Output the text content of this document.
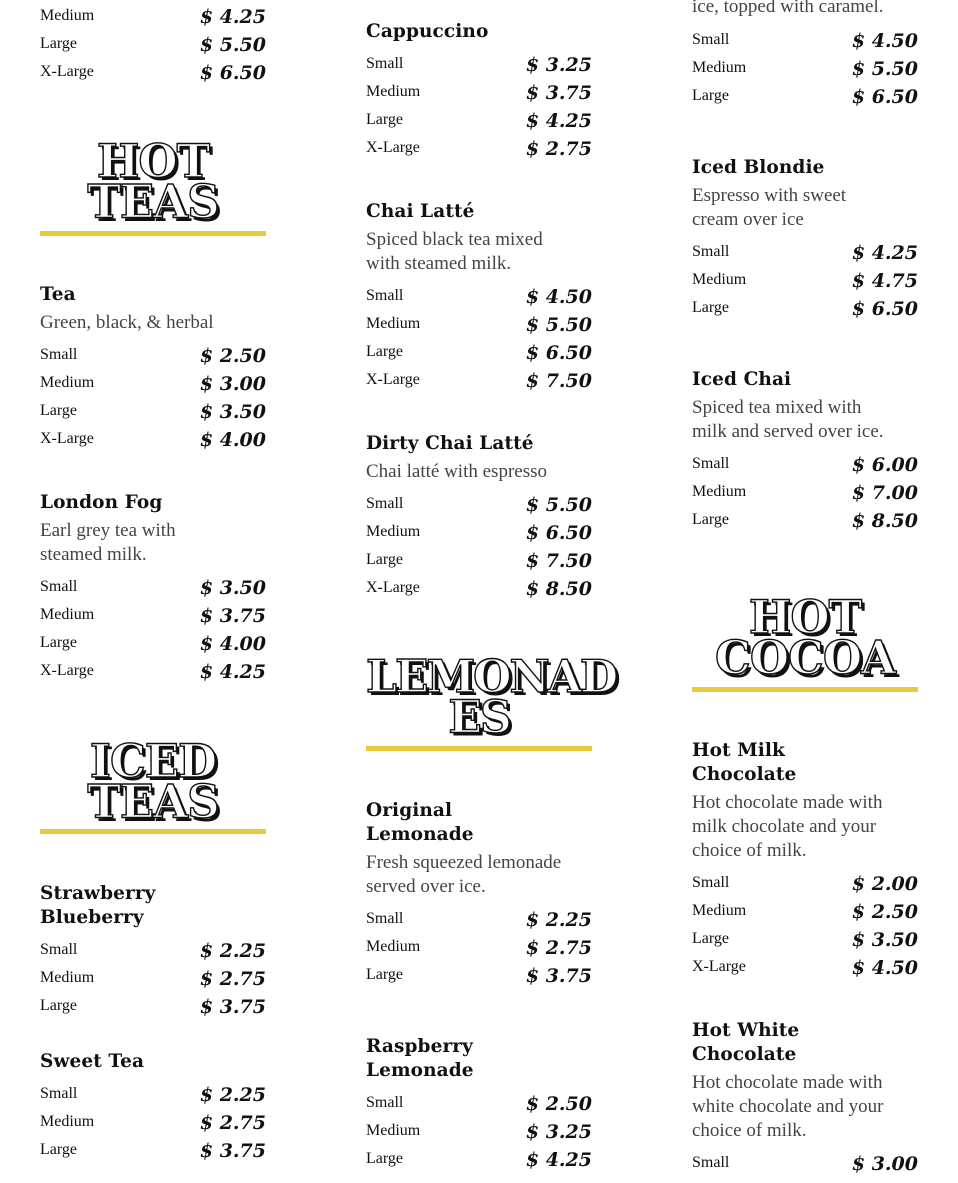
Medium	$ 4.25
Large	$ 5.50
X-Large	$ 6.50
HOT
TEAS
Tea
Green, black, & herbal
Small	$ 2.50
Medium	$ 3.00
Large	$ 3.50
X-Large	$ 4.00
London Fog
Earl grey tea with
steamed milk.
Small	$ 3.50
Medium	$ 3.75
Large	$ 4.00
X-Large	$ 4.25
ICED
TEAS
Strawberry
Blueberry
Small	$ 2.25
Medium	$ 2.75
Large	$ 3.75
Sweet Tea
Small	$ 2.25
Medium	$ 2.75
Large	$ 3.75
Cappuccino
Small	$ 3.25
Medium	$ 3.75
Large	$ 4.25
X-Large	$ 2.75
Chai Latté
Spiced black tea mixed
with steamed milk.
Small	$ 4.50
Medium	$ 5.50
Large	$ 6.50
X-Large	$ 7.50
Dirty Chai Latté
Chai latté with espresso
Small	$ 5.50
Medium	$ 6.50
Large	$ 7.50
X-Large	$ 8.50
LEMONAD
ES
Original
Lemonade
Fresh squeezed lemonade
served over ice.
Small	$ 2.25
Medium	$ 2.75
Large	$ 3.75
Raspberry
Lemonade
Small	$ 2.50
Medium	$ 3.25
Large	$ 4.25
ice, topped with caramel.
Small	$ 4.50
Medium	$ 5.50
Large	$ 6.50
Iced Blondie
Espresso with sweet
cream over ice
Small	$ 4.25
Medium	$ 4.75
Large	$ 6.50
Iced Chai
Spiced tea mixed with
milk and served over ice.
Small	$ 6.00
Medium	$ 7.00
Large	$ 8.50
HOT
COCOA
Hot Milk
Chocolate
Hot chocolate made with
milk chocolate and your
choice of milk.
Small	$ 2.00
Medium	$ 2.50
Large	$ 3.50
X-Large	$ 4.50
Hot White
Chocolate
Hot chocolate made with
white chocolate and your
choice of milk.
Small	$ 3.00
